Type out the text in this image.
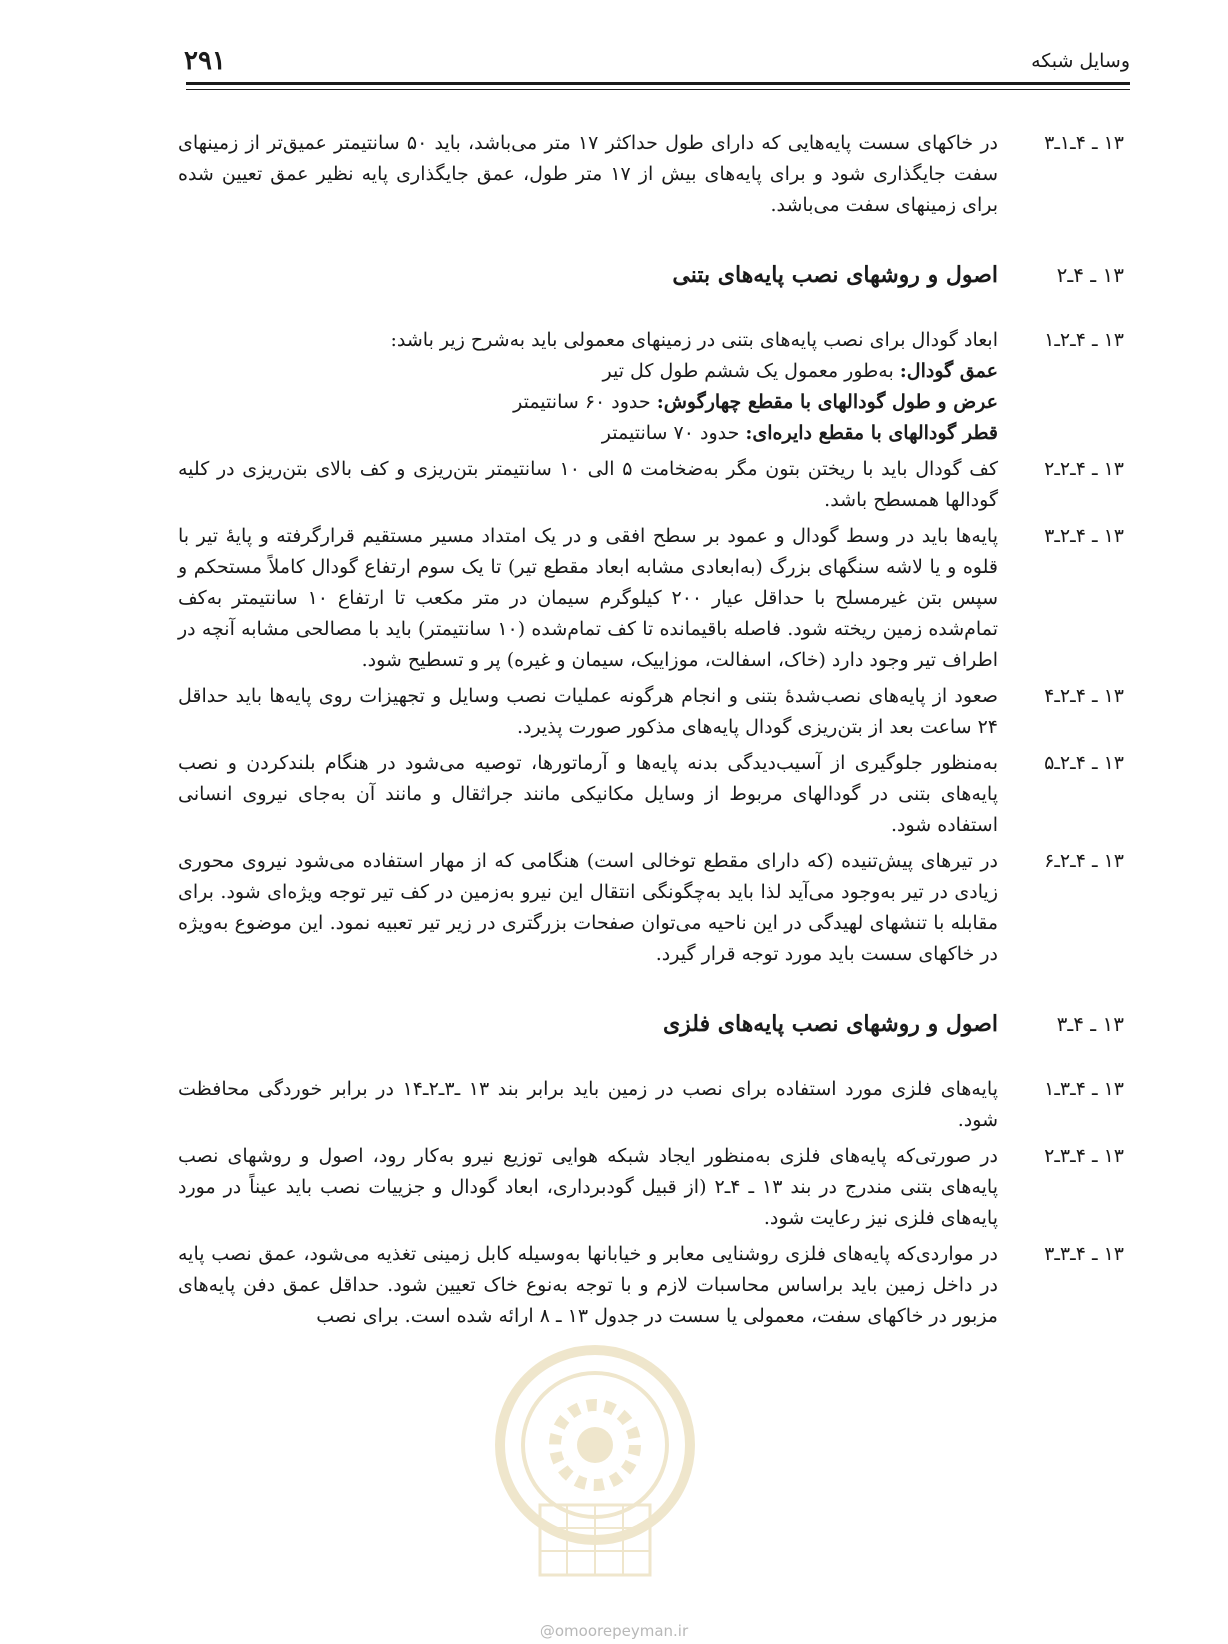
وسایل شبکه
۲۹۱
۱۳ ـ ۴ـ۱ـ۳

در خاکهای سست پایه‌هایی که دارای طول حداکثر ۱۷ متر می‌باشد، باید ۵۰ سانتیمتر عمیق‌تر از زمینهای سفت جایگذاری شود و برای پایه‌های بیش از ۱۷ متر طول، عمق جایگذاری پایه نظیر عمق تعیین شده برای زمینهای سفت می‌باشد.

۱۳ ـ ۴ـ۲

اصول و روشهای نصب پایه‌های بتنی

۱۳ ـ ۴ـ۲ـ۱

ابعاد گودال برای نصب پایه‌های بتنی در زمینهای معمولی باید به‌شرح زیر باشد:

عمق گودال: به‌طور معمول یک ششم طول کل تیر

عرض و طول گودالهای با مقطع چهارگوش: حدود ۶۰ سانتیمتر

قطر گودالهای با مقطع دایره‌ای: حدود ۷۰ سانتیمتر

۱۳ ـ ۴ـ۲ـ۲

کف گودال باید با ریختن بتون مگر به‌ضخامت ۵ الی ۱۰ سانتیمتر بتن‌ریزی و کف بالای بتن‌ریزی در کلیه گودالها همسطح باشد.

۱۳ ـ ۴ـ۲ـ۳

پایه‌ها باید در وسط گودال و عمود بر سطح افقی و در یک امتداد مسیر مستقیم قرارگرفته و پایهٔ تیر با قلوه و یا لاشه سنگهای بزرگ (به‌ابعادی مشابه ابعاد مقطع تیر) تا یک سوم ارتفاع گودال کاملاً مستحکم و سپس بتن غیرمسلح با حداقل عیار ۲۰۰ کیلوگرم سیمان در متر مکعب تا ارتفاع ۱۰ سانتیمتر به‌کف تمام‌شده زمین ریخته شود. فاصله باقیمانده تا کف تمام‌شده (۱۰ سانتیمتر) باید با مصالحی مشابه آنچه در اطراف تیر وجود دارد (خاک، اسفالت، موزاییک، سیمان و غیره) پر و تسطیح شود.

۱۳ ـ ۴ـ۲ـ۴

صعود از پایه‌های نصب‌شدهٔ بتنی و انجام هرگونه عملیات نصب وسایل و تجهیزات روی پایه‌ها باید حداقل ۲۴ ساعت بعد از بتن‌ریزی گودال پایه‌های مذکور صورت پذیرد.

۱۳ ـ ۴ـ۲ـ۵

به‌منظور جلوگیری از آسیب‌دیدگی بدنه پایه‌ها و آرماتورها، توصیه می‌شود در هنگام بلندکردن و نصب پایه‌های بتنی در گودالهای مربوط از وسایل مکانیکی مانند جراثقال و مانند آن به‌جای نیروی انسانی استفاده شود.

۱۳ ـ ۴ـ۲ـ۶

در تیرهای پیش‌تنیده (که دارای مقطع توخالی است) هنگامی که از مهار استفاده می‌شود نیروی محوری زیادی در تیر به‌وجود می‌آید لذا باید به‌چگونگی انتقال این نیرو به‌زمین در کف تیر توجه ویژه‌ای شود. برای مقابله با تنشهای لهیدگی در این ناحیه می‌توان صفحات بزرگتری در زیر تیر تعبیه نمود. این موضوع به‌ویژه در خاکهای سست باید مورد توجه قرار گیرد.

۱۳ ـ ۴ـ۳

اصول و روشهای نصب پایه‌های فلزی

۱۳ ـ ۴ـ۳ـ۱

پایه‌های فلزی مورد استفاده برای نصب در زمین باید برابر بند ۱۳ ـ۳ـ۲ـ۱۴ در برابر خوردگی محافظت شود.

۱۳ ـ ۴ـ۳ـ۲

در صورتی‌که پایه‌های فلزی به‌منظور ایجاد شبکه هوایی توزیع نیرو به‌کار رود، اصول و روشهای نصب پایه‌های بتنی مندرج در بند ۱۳ ـ ۴ـ۲ (از قبیل گودبرداری، ابعاد گودال و جزییات نصب باید عیناً در مورد پایه‌های فلزی نیز رعایت شود.

۱۳ ـ ۴ـ۳ـ۳

در مواردی‌که پایه‌های فلزی روشنایی معابر و خیابانها به‌وسیله کابل زمینی تغذیه می‌شود، عمق نصب پایه در داخل زمین باید براساس محاسبات لازم و با توجه به‌نوع خاک تعیین شود. حداقل عمق دفن پایه‌های مزبور در خاکهای سفت، معمولی یا سست در جدول ۱۳ ـ ۸ ارائه شده است. برای نصب

@omoorepeyman.ir
